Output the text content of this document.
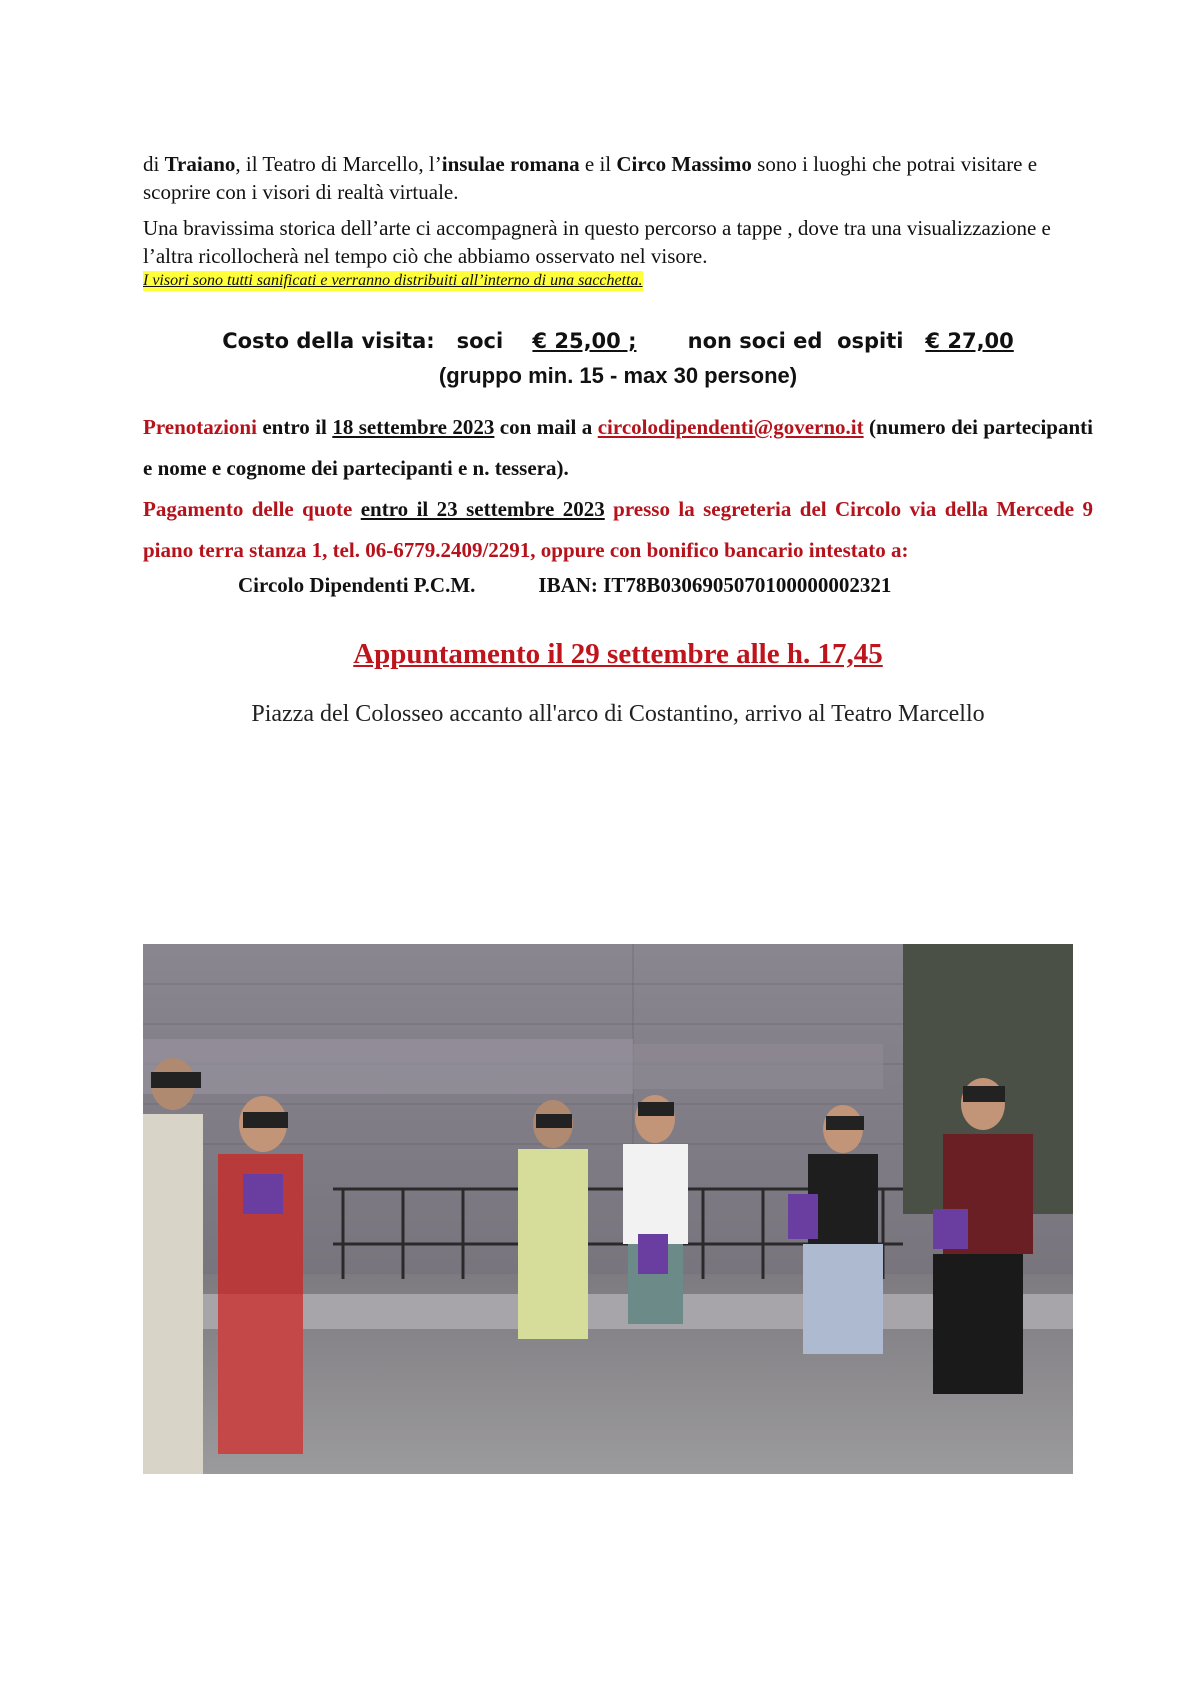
di Traiano, il Teatro di Marcello, l’insulae romana e il Circo Massimo sono i luoghi che potrai visitare e scoprire con i visori di realtà virtuale.

Una bravissima storica dell’arte ci accompagnerà in questo percorso a tappe , dove tra una visualizzazione e l’altra ricollocherà nel tempo ciò che abbiamo osservato nel visore.

I visori sono tutti sanificati e verranno distribuiti all’interno di una sacchetta.

Costo della visita:   soci    € 25,00 ;       non soci ed  ospiti   € 27,00

(gruppo min. 15 - max 30 persone)

Prenotazioni entro il 18 settembre 2023 con mail a circolodipendenti@governo.it (numero dei partecipanti e nome e cognome dei partecipanti e n. tessera).
Pagamento delle quote entro il 23 settembre 2023 presso la segreteria del Circolo via della Mercede 9 piano terra stanza 1, tel. 06-6779.2409/2291, oppure con bonifico bancario intestato a:

Circolo Dipendenti P.C.M.	IBAN: IT78B0306905070100000002321

Appuntamento il 29 settembre alle h. 17,45

Piazza del Colosseo accanto all'arco di Costantino, arrivo al Teatro Marcello
